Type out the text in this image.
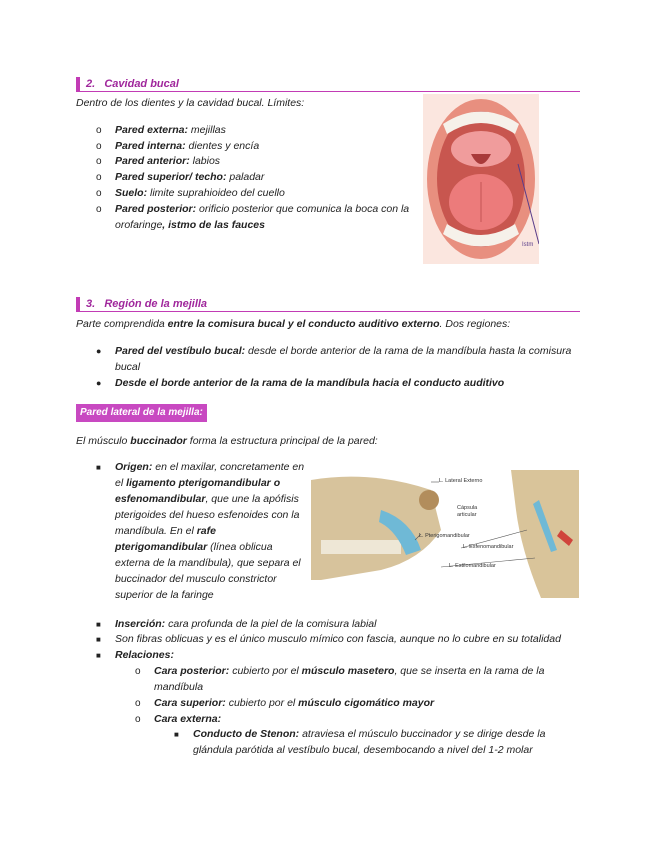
2. Cavidad bucal
Dentro de los dientes y la cavidad bucal. Límites:
o Pared externa: mejillas
o Pared interna: dientes y encía
o Pared anterior: labios
o Pared superior/ techo: paladar
o Suelo: limite suprahioideo del cuello
o Pared posterior: orificio posterior que comunica la boca con la
orofaringe, istmo de las fauces
Istm
3. Región de la mejilla
Parte comprendida entre la comisura bucal y el conducto auditivo externo. Dos regiones:
● Pared del vestíbulo bucal: desde el borde anterior de la rama de la mandíbula hasta la comisura
bucal
● Desde el borde anterior de la rama de la mandíbula hacia el conducto auditivo
Pared lateral de la mejilla:
El músculo buccinador forma la estructura principal de la pared:
■ Origen: en el maxilar, concretamente en
el ligamento pterigomandibular o
esfenomandibular, que une la apófisis
pterigoides del hueso esfenoides con la
mandíbula. En el rafe
pterigomandibular (línea oblicua
externa de la mandíbula), que separa el
buccinador del musculo constrictor
superior de la faringe
L. Lateral Externo
Cápsula articular
L. Pterigomandibular
L. Esfenomandibular
L. Estilomandibular
■ Inserción: cara profunda de la piel de la comisura labial
■ Son fibras oblicuas y es el único musculo mímico con fascia, aunque no lo cubre en su totalidad
■ Relaciones:
o Cara posterior: cubierto por el músculo masetero, que se inserta en la rama de la
mandíbula
o Cara superior: cubierto por el músculo cigomático mayor
o Cara externa:
■ Conducto de Stenon: atraviesa el músculo buccinador y se dirige desde la
glándula parótida al vestíbulo bucal, desembocando a nivel del 1-2 molar
